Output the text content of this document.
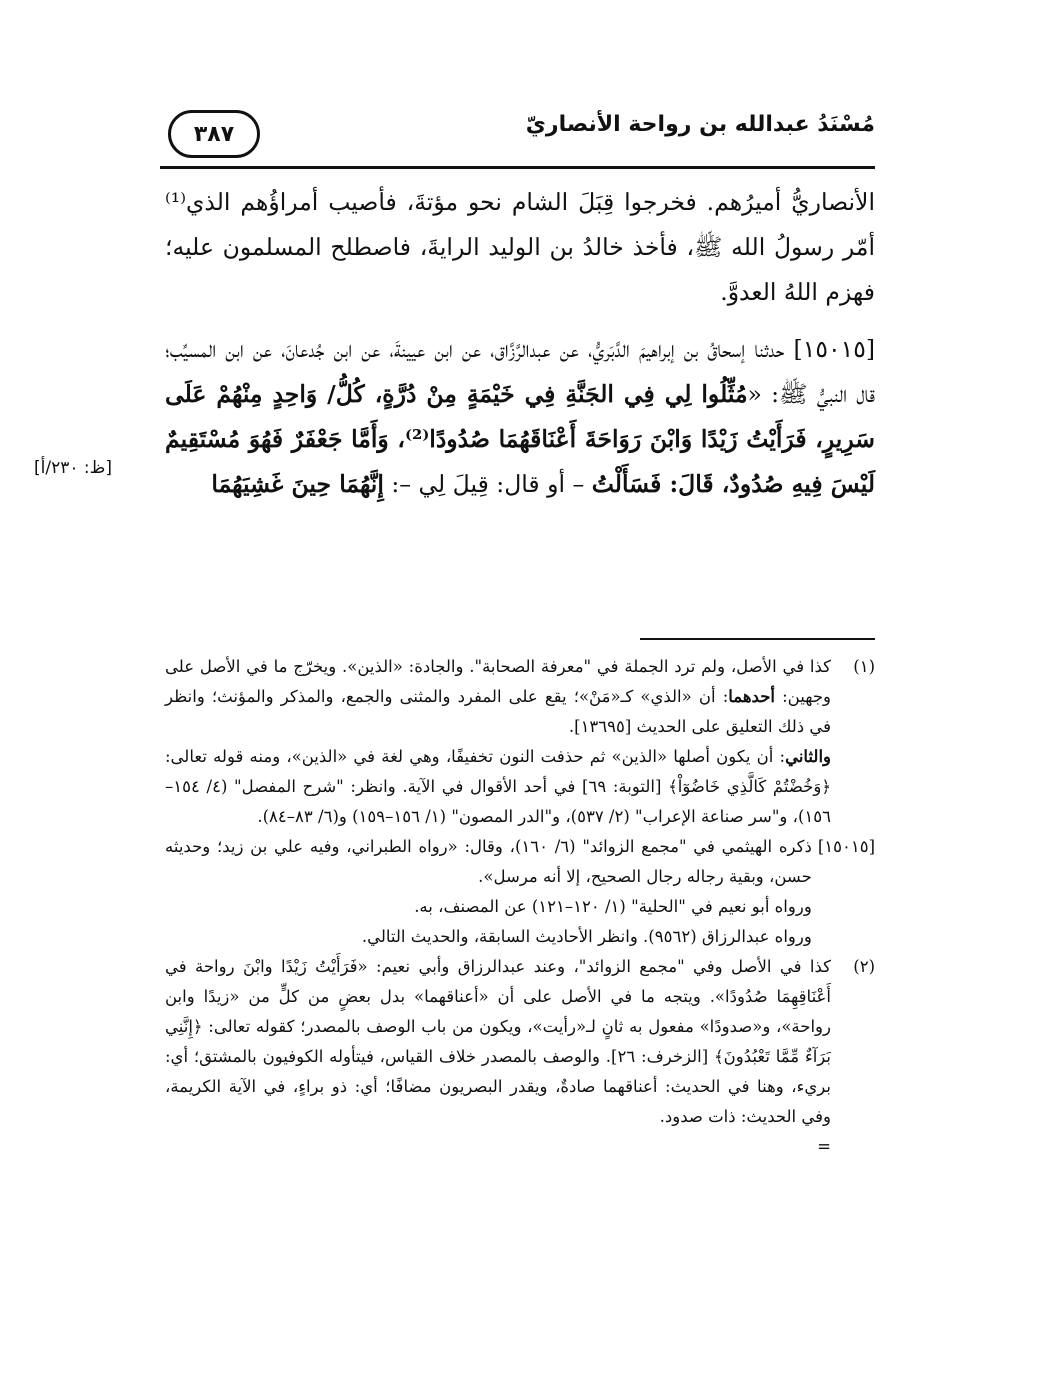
٣٨٧	مُسْنَدُ عبدالله بن رواحة الأنصاريّ

الأنصاريُّ أميرُهم. فخرجوا قِبَلَ الشام نحو مؤتةَ، فأصيب أمراؤُهم الذي⁽¹⁾ أمّر رسولُ الله ﷺ، فأخذ خالدُ بن الوليد الرايةَ، فاصطلح المسلمون عليه؛ فهزم اللهُ العدوَّ.

[١٥٠١٥] حدثنا إسحاقُ بن إبراهيمَ الدَّبَريُّ، عن عبدالرَّزَّاق، عن ابن عيينةَ، عن ابن جُدعانَ، عن ابن المسيِّب؛ قال النبيُّ ﷺ: «مُثِّلُوا لِي فِي الجَنَّةِ فِي خَيْمَةٍ مِنْ دُرَّةٍ، كُلُّ/ وَاحِدٍ مِنْهُمْ عَلَى سَرِيرٍ، فَرَأَيْتُ زَيْدًا وَابْنَ رَوَاحَةَ أَعْنَاقَهُمَا صُدُودًا⁽²⁾، وَأَمَّا جَعْفَرٌ فَهُوَ مُسْتَقِيمٌ لَيْسَ فِيهِ صُدُودٌ، قَالَ: فَسَأَلْتُ – أو قال: قِيلَ لِي –: إِنَّهُمَا حِينَ غَشِيَهُمَا

[ظ: ٢٣٠/أ]
(١)

كذا في الأصل، ولم ترد الجملة في "معرفة الصحابة". والجادة: «الذين». ويخرّج ما في الأصل على وجهين: أحدهما: أن «الذي» كـ«مَنْ»؛ يقع على المفرد والمثنى والجمع، والمذكر والمؤنث؛ وانظر في ذلك التعليق على الحديث [١٣٦٩٥].

والثاني: أن يكون أصلها «الذين» ثم حذفت النون تخفيفًا، وهي لغة في «الذين»، ومنه قوله تعالى: ﴿وَخُضْتُمْ كَالَّذِي خَاضُوٓاْ﴾ [التوبة: ٦٩] في أحد الأقوال في الآية. وانظر: "شرح المفصل" (٤/ ١٥٤–١٥٦)، و"سر صناعة الإعراب" (٢/ ٥٣٧)، و"الدر المصون" (١/ ١٥٦–١٥٩) و(٦/ ٨٣–٨٤).

[١٥٠١٥]

ذكره الهيثمي في "مجمع الزوائد" (٦/ ١٦٠)، وقال: «رواه الطبراني، وفيه علي بن زيد؛ وحديثه حسن، وبقية رجاله رجال الصحيح، إلا أنه مرسل».

ورواه أبو نعيم في "الحلية" (١/ ١٢٠–١٢١) عن المصنف، به.

ورواه عبدالرزاق (٩٥٦٢). وانظر الأحاديث السابقة، والحديث التالي.

(٢)

كذا في الأصل وفي "مجمع الزوائد"، وعند عبدالرزاق وأبي نعيم: «فَرَأَيْتُ زَيْدًا وابْنَ رواحة في أَعْنَاقِهِمَا صُدُودًا». ويتجه ما في الأصل على أن «أعناقهما» بدل بعضٍ من كلٍّ من «زيدًا وابن رواحة»، و«صدودًا» مفعول به ثانٍ لـ«رأيت»، ويكون من باب الوصف بالمصدر؛ كقوله تعالى: ﴿إِنَّنِي بَرَآءٌ مِّمَّا تَعْبُدُونَ﴾ [الزخرف: ٢٦]. والوصف بالمصدر خلاف القياس، فيتأوله الكوفيون بالمشتق؛ أي: بريء، وهنا في الحديث: أعناقهما صادةٌ، ويقدر البصريون مضافًا؛ أي: ذو براءٍ، في الآية الكريمة، وفي الحديث: ذات صدود.

=
